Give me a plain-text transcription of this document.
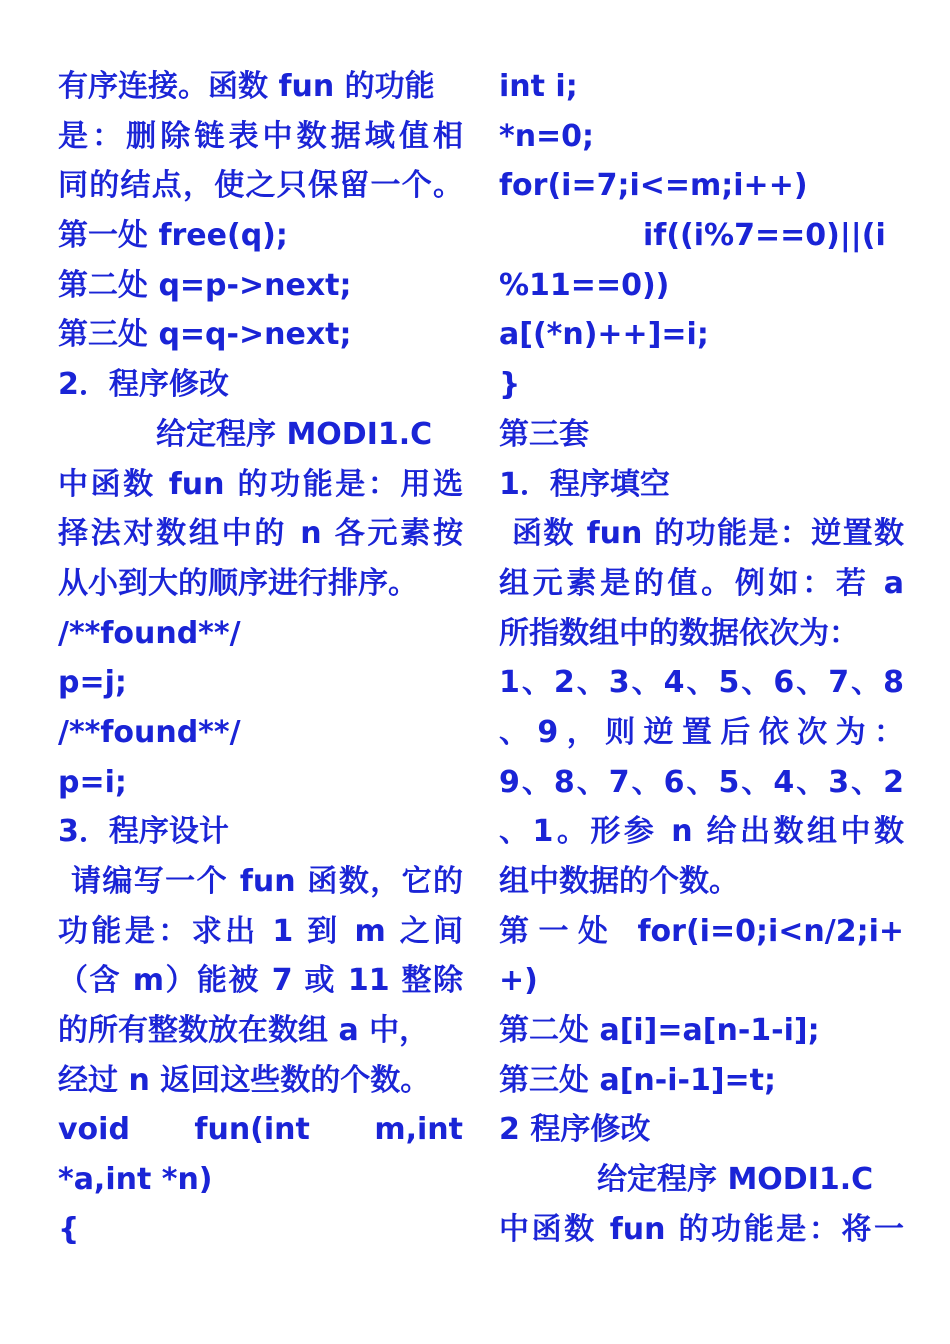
有序连接。函数 fun 的功能
是：删除链表中数据域值相
同的结点，使之只保留一个。
第一处 free(q);
第二处 q=p->next;
第三处 q=q->next;
2．程序修改
给定程序 MODI1.C
中函数 fun 的功能是：用选
择法对数组中的 n 各元素按
从小到大的顺序进行排序。
/**found**/
p=j;
/**found**/
p=i;
3．程序设计
请编写一个 fun 函数，它的
功能是：求出 1 到 m 之间
（含 m）能被 7 或 11 整除
的所有整数放在数组 a 中，
经过 n 返回这些数的个数。
void fun(int m,int
*a,int *n)
{
int i;
*n=0;
for(i=7;i<=m;i++)
if((i%7==0)||(i
%11==0))
a[(*n)++]=i;
}
第三套
1．程序填空
函数 fun 的功能是：逆置数
组元素是的值。例如：若 a
所指数组中的数据依次为：
1、2、3、4、5、6、7、8
、9，则逆置后依次为：
9、8、7、6、5、4、3、2
、1。形参 n 给出数组中数
组中数据的个数。
第一处 for(i=0;i<n/2;i+
+)
第二处 a[i]=a[n-1-i];
第三处 a[n-i-1]=t;
2 程序修改
给定程序 MODI1.C
中函数 fun 的功能是：将一
